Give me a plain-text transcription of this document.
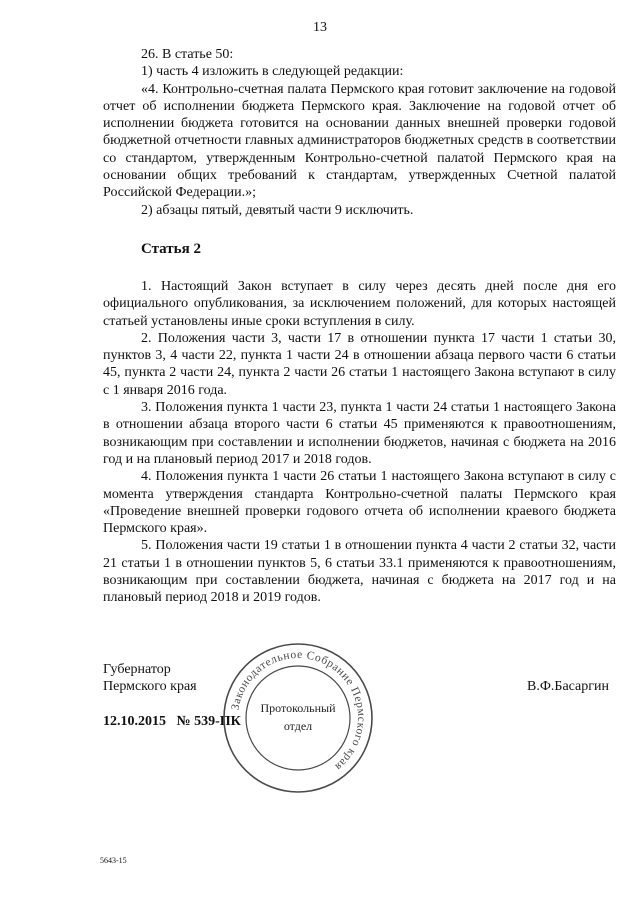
13

26. В статье 50:

1) часть 4 изложить в следующей редакции:

«4. Контрольно-счетная палата Пермского края готовит заключение на годовой отчет об исполнении бюджета Пермского края. Заключение на годовой отчет об исполнении бюджета готовится на основании данных внешней проверки годовой бюджетной отчетности главных администраторов бюджетных средств в соответствии со стандартом, утвержденным Контрольно-счетной палатой Пермского края на основании общих требований к стандартам, утвержденных Счетной палатой Российской Федерации.»;

2) абзацы пятый, девятый части 9 исключить.

Статья 2

1. Настоящий Закон вступает в силу через десять дней после дня его официального опубликования, за исключением положений, для которых настоящей статьей установлены иные сроки вступления в силу.

2. Положения части 3, части 17 в отношении пункта 17 части 1 статьи 30, пунктов 3, 4 части 22, пункта 1 части 24 в отношении абзаца первого части 6 статьи 45, пункта 2 части 24, пункта 2 части 26 статьи 1 настоящего Закона вступают в силу с 1 января 2016 года.

3. Положения пункта 1 части 23, пункта 1 части 24 статьи 1 настоящего Закона в отношении абзаца второго части 6 статьи 45 применяются к правоотношениям, возникающим при составлении и исполнении бюджетов, начиная с бюджета на 2016 год и на плановый период 2017 и 2018 годов.

4. Положения пункта 1 части 26 статьи 1 настоящего Закона вступают в силу с момента утверждения стандарта Контрольно-счетной палаты Пермского края «Проведение внешней проверки годового отчета об исполнении краевого бюджета Пермского края».

5. Положения части 19 статьи 1 в отношении пункта 4 части 2 статьи 32, части 21 статьи 1 в отношении пунктов 5, 6 статьи 33.1 применяются к правоотношениям, возникающим при составлении бюджета, начиная с бюджета на 2017 год и на плановый период 2018 и 2019 годов.

Губернатор
Пермского края	В.Ф.Басаргин
12.10.2015   № 539-ПК
Законодательное Собрание Пермского края
Протокольный
отдел
5643-15
